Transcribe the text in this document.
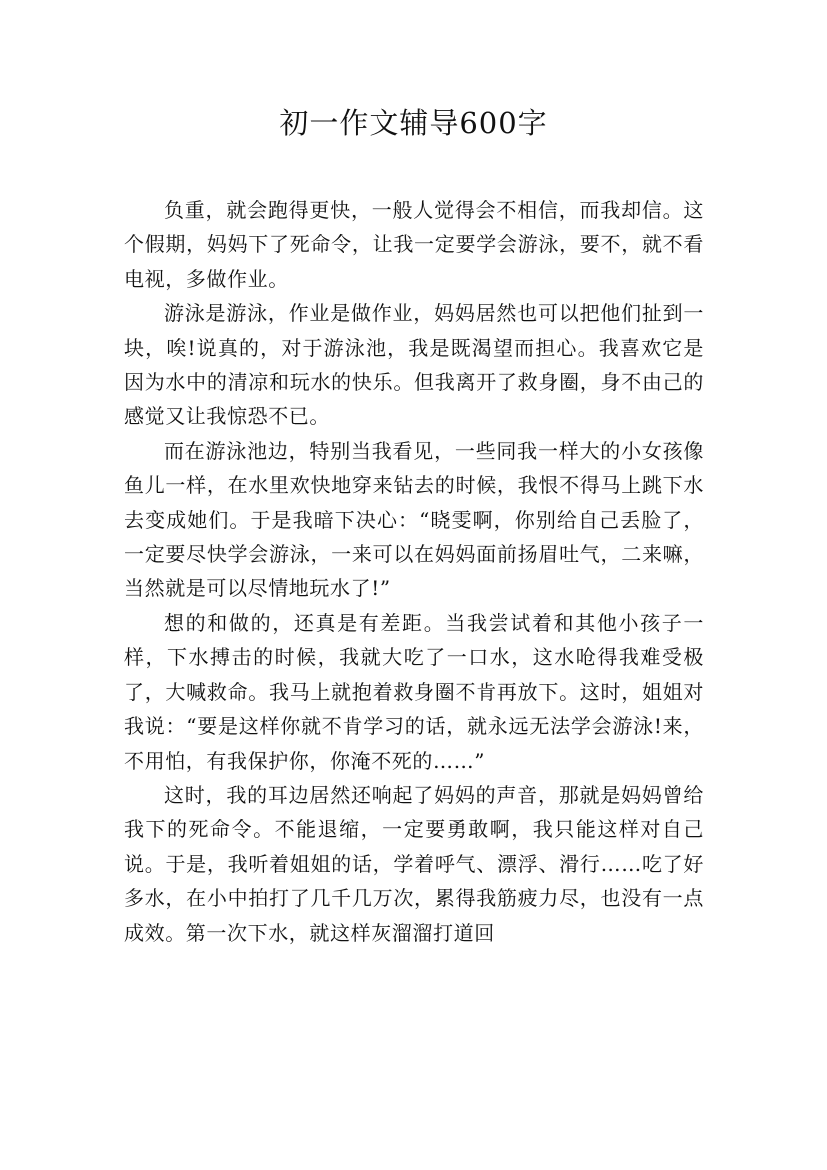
初一作文辅导600字

负重，就会跑得更快，一般人觉得会不相信，而我却信。这个假期，妈妈下了死命令，让我一定要学会游泳，要不，就不看电视，多做作业。

游泳是游泳，作业是做作业，妈妈居然也可以把他们扯到一块，唉!说真的，对于游泳池，我是既渴望而担心。我喜欢它是因为水中的清凉和玩水的快乐。但我离开了救身圈，身不由己的感觉又让我惊恐不已。

而在游泳池边，特别当我看见，一些同我一样大的小女孩像鱼儿一样，在水里欢快地穿来钻去的时候，我恨不得马上跳下水去变成她们。于是我暗下决心：“晓雯啊，你别给自己丢脸了，一定要尽快学会游泳，一来可以在妈妈面前扬眉吐气，二来嘛，当然就是可以尽情地玩水了!”

想的和做的，还真是有差距。当我尝试着和其他小孩子一样，下水搏击的时候，我就大吃了一口水，这水呛得我难受极了，大喊救命。我马上就抱着救身圈不肯再放下。这时，姐姐对我说：“要是这样你就不肯学习的话，就永远无法学会游泳!来，不用怕，有我保护你，你淹不死的……”

这时，我的耳边居然还响起了妈妈的声音，那就是妈妈曾给我下的死命令。不能退缩，一定要勇敢啊，我只能这样对自己说。于是，我听着姐姐的话，学着呼气、漂浮、滑行……吃了好多水，在小中拍打了几千几万次，累得我筋疲力尽，也没有一点成效。第一次下水，就这样灰溜溜打道回
